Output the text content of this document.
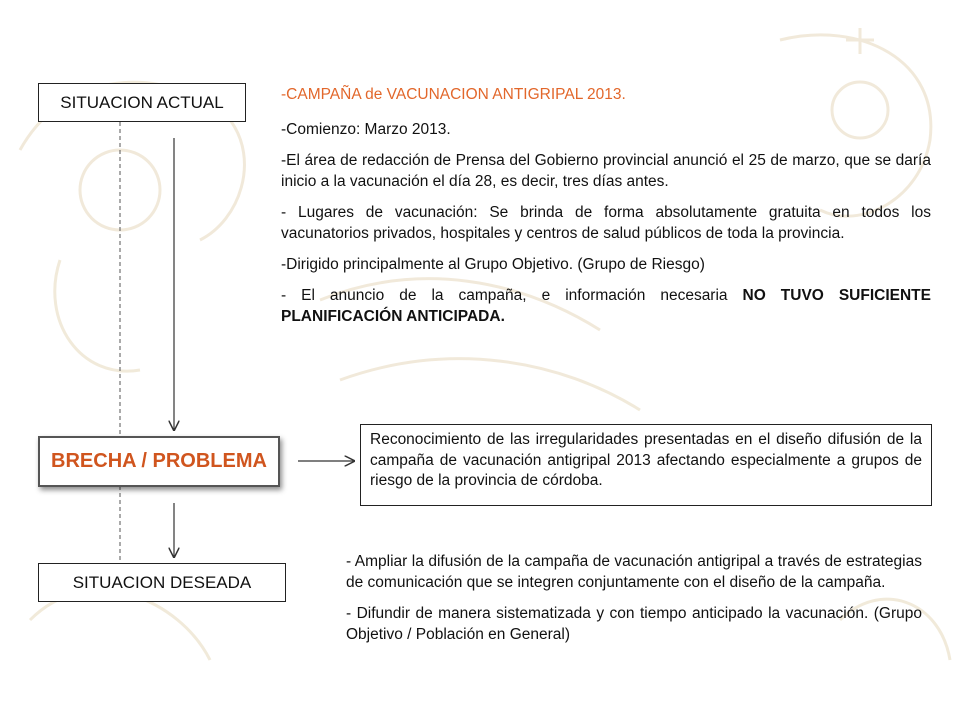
SITUACION ACTUAL
BRECHA / PROBLEMA
SITUACION DESEADA

-CAMPAÑA de VACUNACION ANTIGRIPAL 2013.

-Comienzo: Marzo 2013.

-El área de redacción de Prensa del Gobierno provincial anunció el 25 de marzo, que se daría inicio a la vacunación el día 28, es decir, tres días antes.

- Lugares de vacunación: Se brinda de forma absolutamente gratuita en todos los vacunatorios privados, hospitales y centros de salud públicos de toda la provincia.

-Dirigido principalmente al Grupo Objetivo. (Grupo de Riesgo)

- El anuncio de la campaña, e información necesaria NO TUVO SUFICIENTE PLANIFICACIÓN ANTICIPADA.

Reconocimiento de las irregularidades presentadas en el diseño difusión de la campaña de vacunación antigripal 2013 afectando especialmente a grupos de riesgo de la provincia de córdoba.

- Ampliar la difusión de la campaña de vacunación antigripal a través de estrategias de comunicación que se integren conjuntamente con el diseño de la campaña.

- Difundir de manera sistematizada y con tiempo anticipado la vacunación. (Grupo Objetivo / Población en General)
